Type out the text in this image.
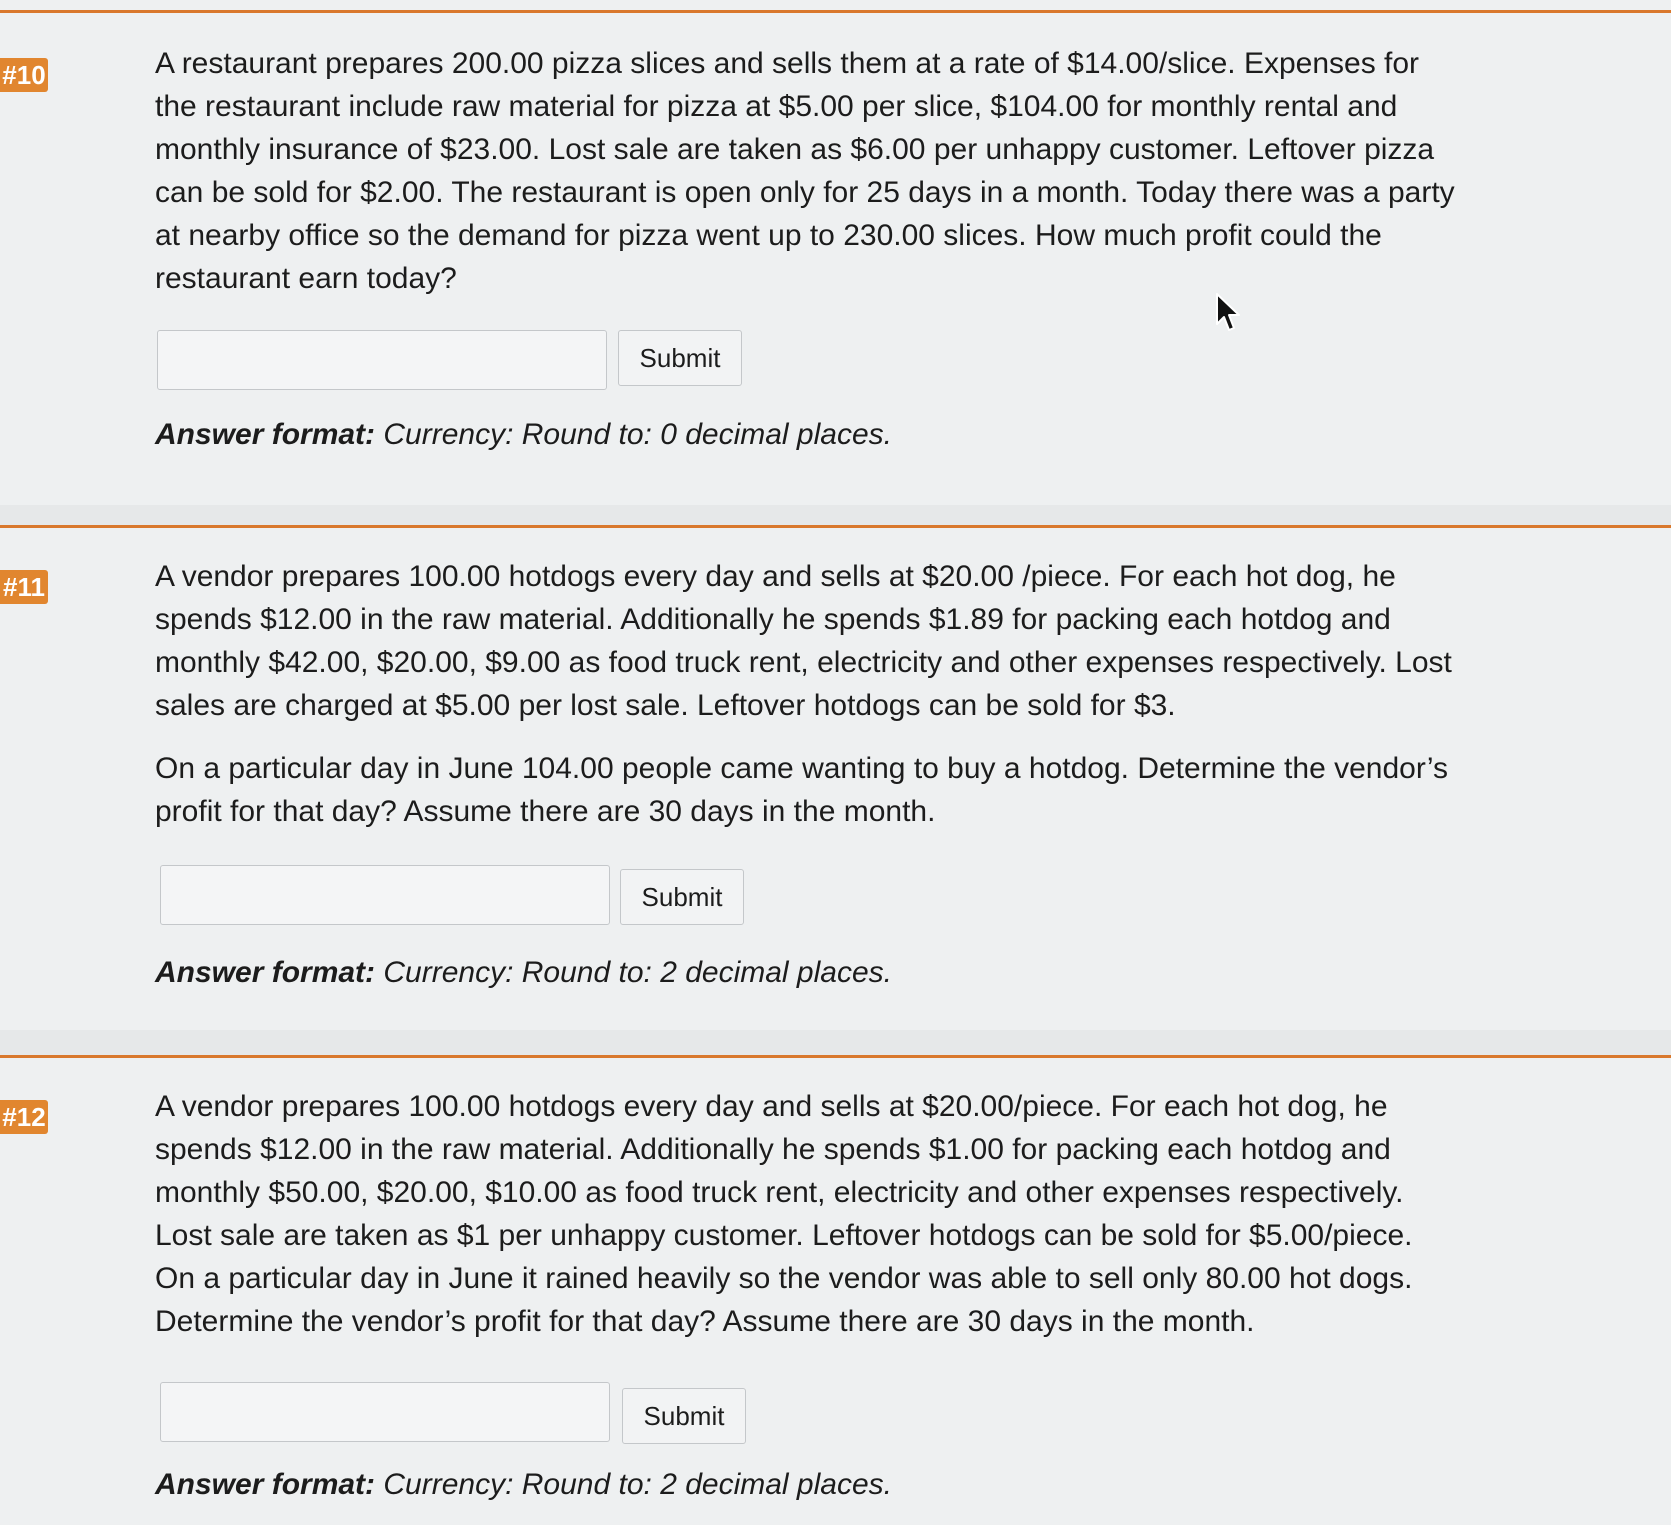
#10	A restaurant prepares 200.00 pizza slices and sells them at a rate of $14.00/slice. Expenses for the restaurant include raw material for pizza at $5.00 per slice, $104.00 for monthly rental and monthly insurance of $23.00. Lost sale are taken as $6.00 per unhappy customer. Leftover pizza can be sold for $2.00. The restaurant is open only for 25 days in a month. Today there was a party at nearby office so the demand for pizza went up to 230.00 slices. How much profit could the restaurant earn today?

Submit
Answer format: Currency: Round to: 0 decimal places.
#11	A vendor prepares 100.00 hotdogs every day and sells at $20.00 /piece. For each hot dog, he spends $12.00 in the raw material. Additionally he spends $1.89 for packing each hotdog and monthly $42.00, $20.00, $9.00 as food truck rent, electricity and other expenses respectively. Lost sales are charged at $5.00 per lost sale. Leftover hotdogs can be sold for $3.

On a particular day in June 104.00 people came wanting to buy a hotdog. Determine the vendor’s profit for that day? Assume there are 30 days in the month.

Submit
Answer format: Currency: Round to: 2 decimal places.
#12	A vendor prepares 100.00 hotdogs every day and sells at $20.00/piece. For each hot dog, he spends $12.00 in the raw material. Additionally he spends $1.00 for packing each hotdog and monthly $50.00, $20.00, $10.00 as food truck rent, electricity and other expenses respectively. Lost sale are taken as $1 per unhappy customer. Leftover hotdogs can be sold for $5.00/piece. On a particular day in June it rained heavily so the vendor was able to sell only 80.00 hot dogs. Determine the vendor’s profit for that day? Assume there are 30 days in the month.

Submit
Answer format: Currency: Round to: 2 decimal places.
